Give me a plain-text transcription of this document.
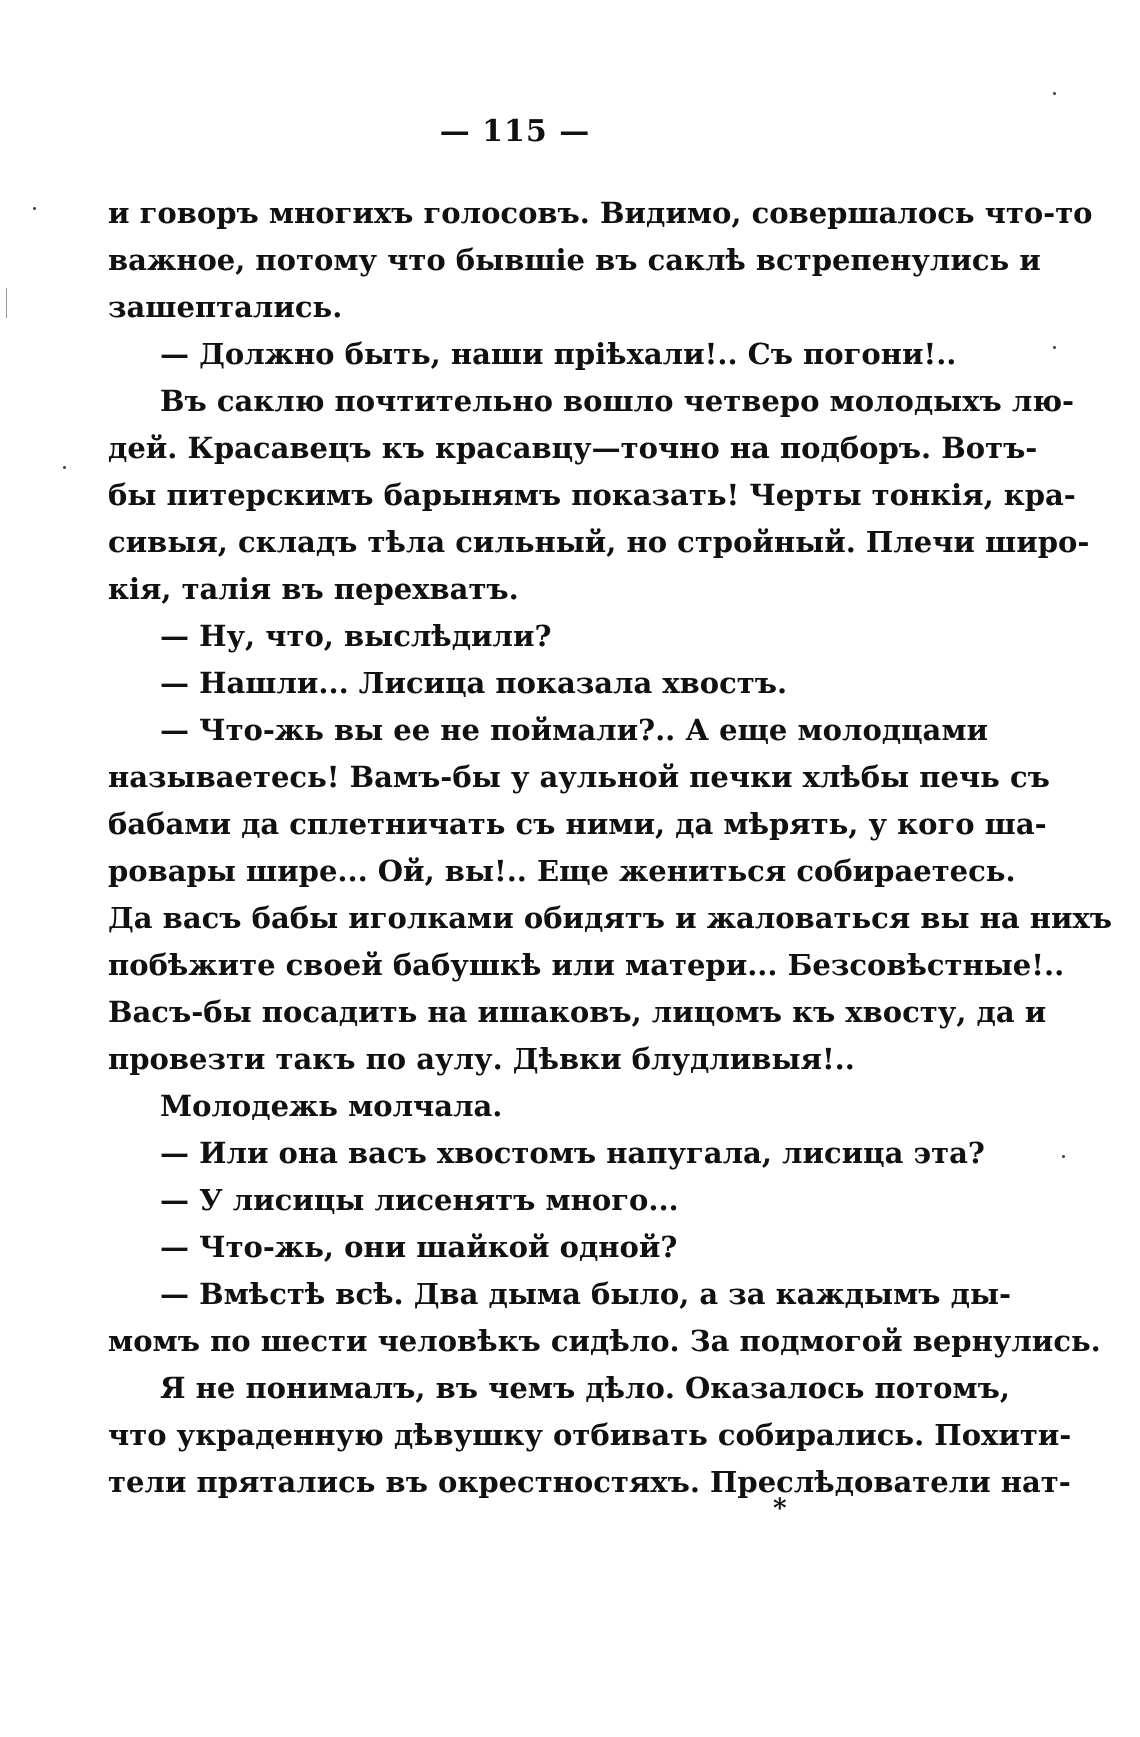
— 115 —
и говоръ многихъ голосовъ. Видимо, совершалось что-то
важное, потому что бывшіе въ саклѣ встрепенулись и
зашептались.
— Должно быть, наши пріѣхали!.. Съ погони!..
Въ саклю почтительно вошло четверо молодыхъ лю-
дей. Красавецъ къ красавцу—точно на подборъ. Вотъ-
бы питерскимъ барынямъ показать! Черты тонкія, кра-
сивыя, складъ тѣла сильный, но стройный. Плечи широ-
кія, талія въ перехватъ.
— Ну, что, выслѣдили?
— Нашли... Лисица показала хвостъ.
— Что-жь вы ее не поймали?.. А еще молодцами
называетесь! Вамъ-бы у аульной печки хлѣбы печь съ
бабами да сплетничать съ ними, да мѣрять, у кого ша-
ровары шире... Ой, вы!.. Еще жениться собираетесь.
Да васъ бабы иголками обидятъ и жаловаться вы на нихъ
побѣжите своей бабушкѣ или матери... Безсовѣстные!..
Васъ-бы посадить на ишаковъ, лицомъ къ хвосту, да и
провезти такъ по аулу. Дѣвки блудливыя!..
Молодежь молчала.
— Или она васъ хвостомъ напугала, лисица эта?
— У лисицы лисенятъ много...
— Что-жь, они шайкой одной?
— Вмѣстѣ всѣ. Два дыма было, а за каждымъ ды-
момъ по шести человѣкъ сидѣло. За подмогой вернулись.
Я не понималъ, въ чемъ дѣло. Оказалось потомъ,
что украденную дѣвушку отбивать собирались. Похити-
тели прятались въ окрестностяхъ. Преслѣдователи нат-
*
